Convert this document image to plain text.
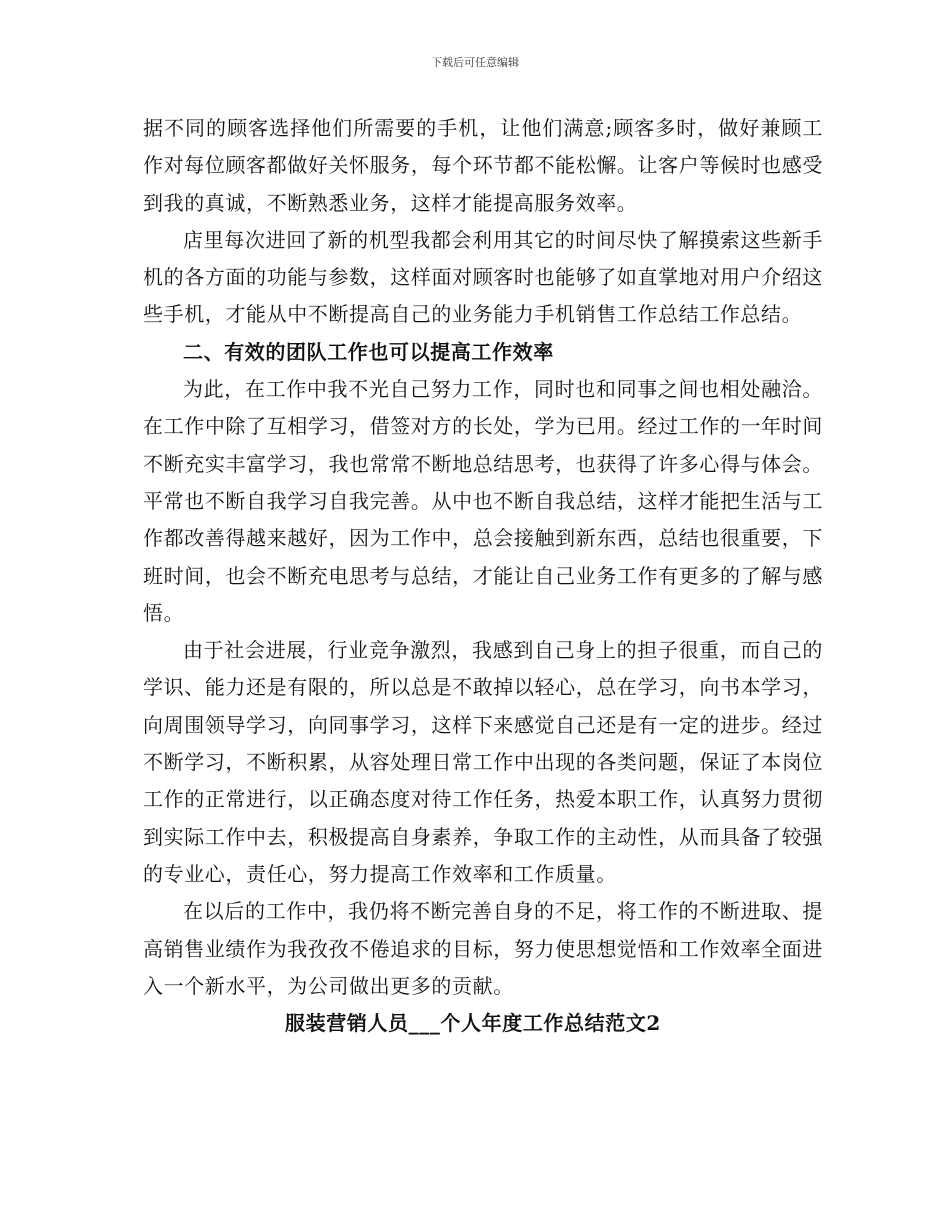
下载后可任意编辑

据不同的顾客选择他们所需要的手机，让他们满意;顾客多时，做好兼顾工作对每位顾客都做好关怀服务，每个环节都不能松懈。让客户等候时也感受到我的真诚，不断熟悉业务，这样才能提高服务效率。

店里每次进回了新的机型我都会利用其它的时间尽快了解摸索这些新手机的各方面的功能与参数，这样面对顾客时也能够了如直掌地对用户介绍这些手机，才能从中不断提高自己的业务能力手机销售工作总结工作总结。

二、有效的团队工作也可以提高工作效率

为此，在工作中我不光自己努力工作，同时也和同事之间也相处融洽。在工作中除了互相学习，借签对方的长处，学为已用。经过工作的一年时间不断充实丰富学习，我也常常不断地总结思考，也获得了许多心得与体会。平常也不断自我学习自我完善。从中也不断自我总结，这样才能把生活与工作都改善得越来越好，因为工作中，总会接触到新东西，总结也很重要，下班时间，也会不断充电思考与总结，才能让自己业务工作有更多的了解与感悟。

由于社会进展，行业竞争激烈，我感到自己身上的担子很重，而自己的学识、能力还是有限的，所以总是不敢掉以轻心，总在学习，向书本学习，向周围领导学习，向同事学习，这样下来感觉自己还是有一定的进步。经过不断学习，不断积累，从容处理日常工作中出现的各类问题，保证了本岗位工作的正常进行，以正确态度对待工作任务，热爱本职工作，认真努力贯彻到实际工作中去，积极提高自身素养，争取工作的主动性，从而具备了较强的专业心，责任心，努力提高工作效率和工作质量。

在以后的工作中，我仍将不断完善自身的不足，将工作的不断进取、提高销售业绩作为我孜孜不倦追求的目标，努力使思想觉悟和工作效率全面进入一个新水平，为公司做出更多的贡献。

服装营销人员___个人年度工作总结范文2
